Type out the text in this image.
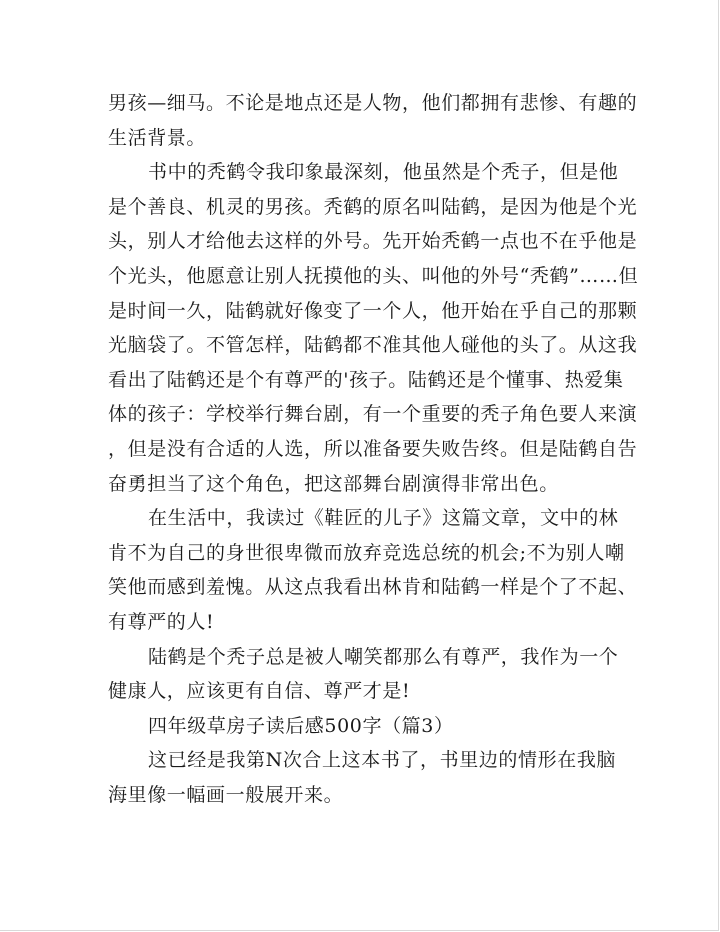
男孩—细马。不论是地点还是人物，他们都拥有悲惨、有趣的
生活背景。
书中的秃鹤令我印象最深刻，他虽然是个秃子，但是他
是个善良、机灵的男孩。秃鹤的原名叫陆鹤，是因为他是个光
头，别人才给他去这样的外号。先开始秃鹤一点也不在乎他是
个光头，他愿意让别人抚摸他的头、叫他的外号“秃鹤”……但
是时间一久，陆鹤就好像变了一个人，他开始在乎自己的那颗
光脑袋了。不管怎样，陆鹤都不准其他人碰他的头了。从这我
看出了陆鹤还是个有尊严的'孩子。陆鹤还是个懂事、热爱集
体的孩子：学校举行舞台剧，有一个重要的秃子角色要人来演
，但是没有合适的人选，所以准备要失败告终。但是陆鹤自告
奋勇担当了这个角色，把这部舞台剧演得非常出色。
在生活中，我读过《鞋匠的儿子》这篇文章，文中的林
肯不为自己的身世很卑微而放弃竞选总统的机会;不为别人嘲
笑他而感到羞愧。从这点我看出林肯和陆鹤一样是个了不起、
有尊严的人!
陆鹤是个秃子总是被人嘲笑都那么有尊严，我作为一个
健康人，应该更有自信、尊严才是!
四年级草房子读后感500字（篇3）
这已经是我第N次合上这本书了，书里边的情形在我脑
海里像一幅画一般展开来。
